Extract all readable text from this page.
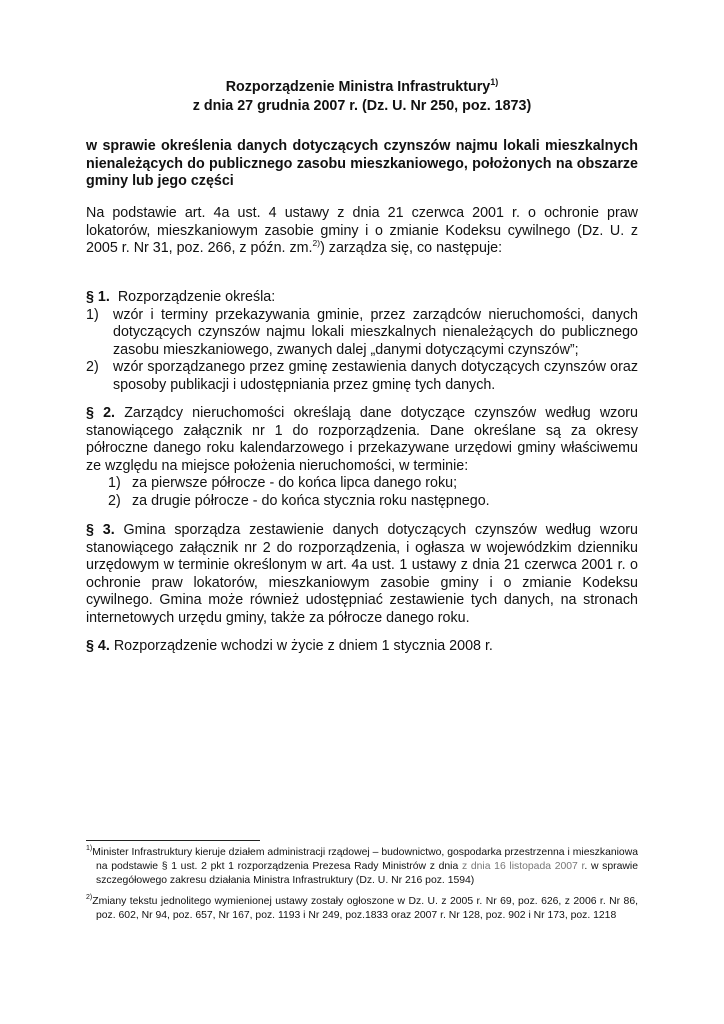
Rozporządzenie Ministra Infrastruktury$^{1)}$
z dnia 27 grudnia 2007 r. (Dz. U. Nr 250, poz. 1873)
w sprawie określenia danych dotyczących czynszów najmu lokali mieszkalnych nienależących do publicznego zasobu mieszkaniowego, położonych na obszarze gminy lub jego części
Na podstawie art. 4a ust. 4 ustawy z dnia 21 czerwca 2001 r. o ochronie praw lokatorów, mieszkaniowym zasobie gminy i o zmianie Kodeksu cywilnego (Dz. U. z 2005 r. Nr 31, poz. 266, z późn. zm.$^{2)}$) zarządza się, co następuje:
§ 1. Rozporządzenie określa:
1) wzór i terminy przekazywania gminie, przez zarządców nieruchomości, danych dotyczących czynszów najmu lokali mieszkalnych nienależących do publicznego zasobu mieszkaniowego, zwanych dalej „danymi dotyczącymi czynszów”;
2) wzór sporządzanego przez gminę zestawienia danych dotyczących czynszów oraz sposoby publikacji i udostępniania przez gminę tych danych.
§ 2. Zarządcy nieruchomości określają dane dotyczące czynszów według wzoru stanowiącego załącznik nr 1 do rozporządzenia. Dane określane są za okresy półroczne danego roku kalendarzowego i przekazywane urzędowi gminy właściwemu ze względu na miejsce położenia nieruchomości, w terminie:
1) za pierwsze półrocze - do końca lipca danego roku;
2) za drugie półrocze - do końca stycznia roku następnego.
§ 3. Gmina sporządza zestawienie danych dotyczących czynszów według wzoru stanowiącego załącznik nr 2 do rozporządzenia, i ogłasza w wojewódzkim dzienniku urzędowym w terminie określonym w art. 4a ust. 1 ustawy z dnia 21 czerwca 2001 r. o ochronie praw lokatorów, mieszkaniowym zasobie gminy i o zmianie Kodeksu cywilnego. Gmina może również udostępniać zestawienie tych danych, na stronach internetowych urzędu gminy, także za półrocze danego roku.
§ 4. Rozporządzenie wchodzi w życie z dniem 1 stycznia 2008 r.
$^{1)}$Minister Infrastruktury kieruje działem administracji rządowej – budownictwo, gospodarka przestrzenna i mieszkaniowa na podstawie § 1 ust. 2 pkt 1 rozporządzenia Prezesa Rady Ministrów z dnia z dnia 16 listopada 2007 r. w sprawie szczegółowego zakresu działania Ministra Infrastruktury (Dz. U. Nr 216 poz. 1594)
$^{2)}$Zmiany tekstu jednolitego wymienionej ustawy zostały ogłoszone w Dz. U. z 2005 r. Nr 69, poz. 626, z 2006 r. Nr 86, poz. 602, Nr 94, poz. 657, Nr 167, poz. 1193 i Nr 249, poz.1833 oraz 2007 r. Nr 128, poz. 902 i Nr 173, poz. 1218
